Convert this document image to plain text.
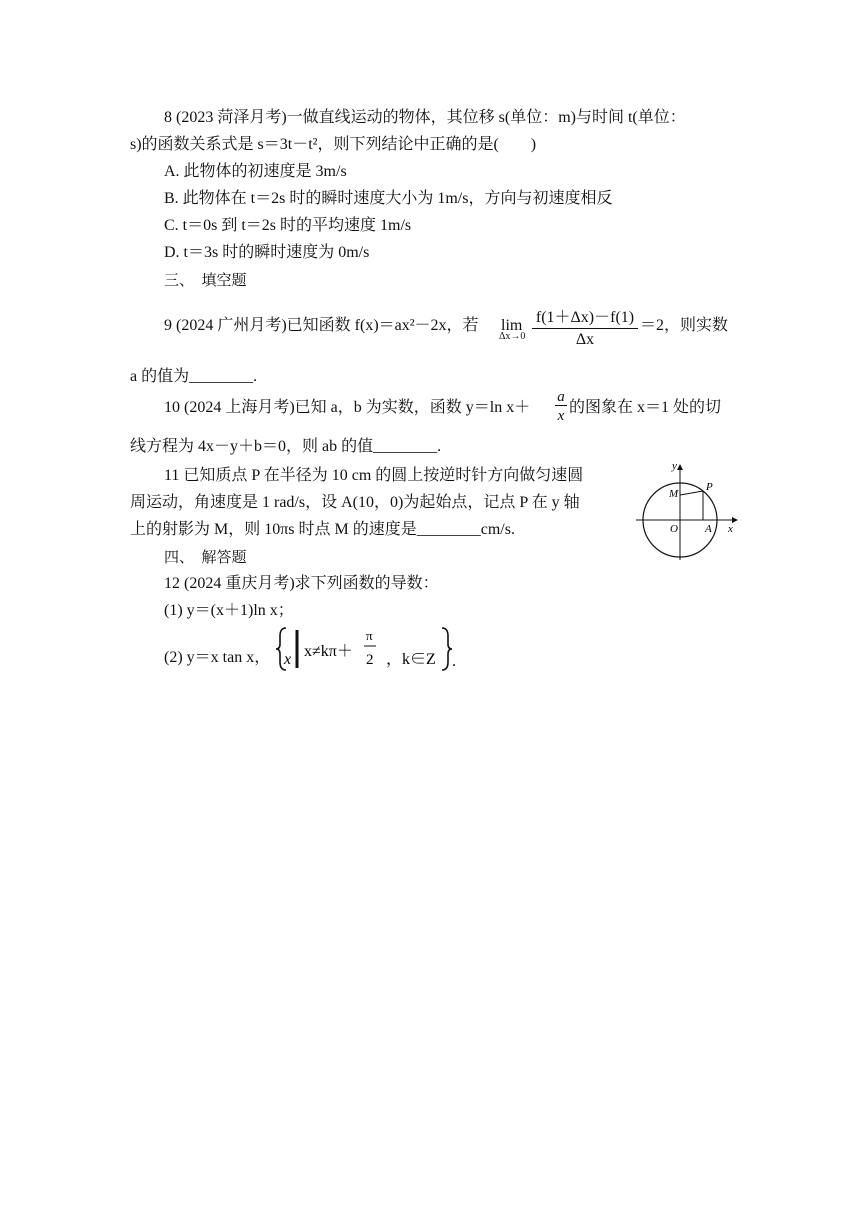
8 (2023 菏泽月考)一做直线运动的物体，其位移 s(单位：m)与时间 t(单位：
s)的函数关系式是 s＝3t－t²，则下列结论中正确的是(　　)
A. 此物体的初速度是 3m/s
B. 此物体在 t＝2s 时的瞬时速度大小为 1m/s，方向与初速度相反
C. t＝0s 到 t＝2s 时的平均速度 1m/s
D. t＝3s 时的瞬时速度为 0m/s
三、　填空题
9 (2024 广州月考)已知函数 f(x)＝ax²－2x，若 lim
Δx→0
f(1＋Δx)－f(1)
Δx
＝2，则实数
a 的值为________.
10 (2024 上海月考)已知 a，b 为实数，函数 y＝ln x＋
a
x 的图象在 x＝1 处的切
线方程为 4x－y＋b＝0，则 ab 的值________.
11 已知质点 P 在半径为 10 cm 的圆上按逆时针方向做匀速圆
周运动，角速度是 1 rad/s，设 A(10，0)为起始点，记点 P 在 y 轴
上的射影为 M，则 10πs 时点 M 的速度是________cm/s.
y
x
M
P
O A
四、　解答题
12 (2024 重庆月考)求下列函数的导数：
(1) y＝(x＋1)ln x；
(2) y＝x tan x， x x≠kπ＋
π
2 ，k∈Z .
